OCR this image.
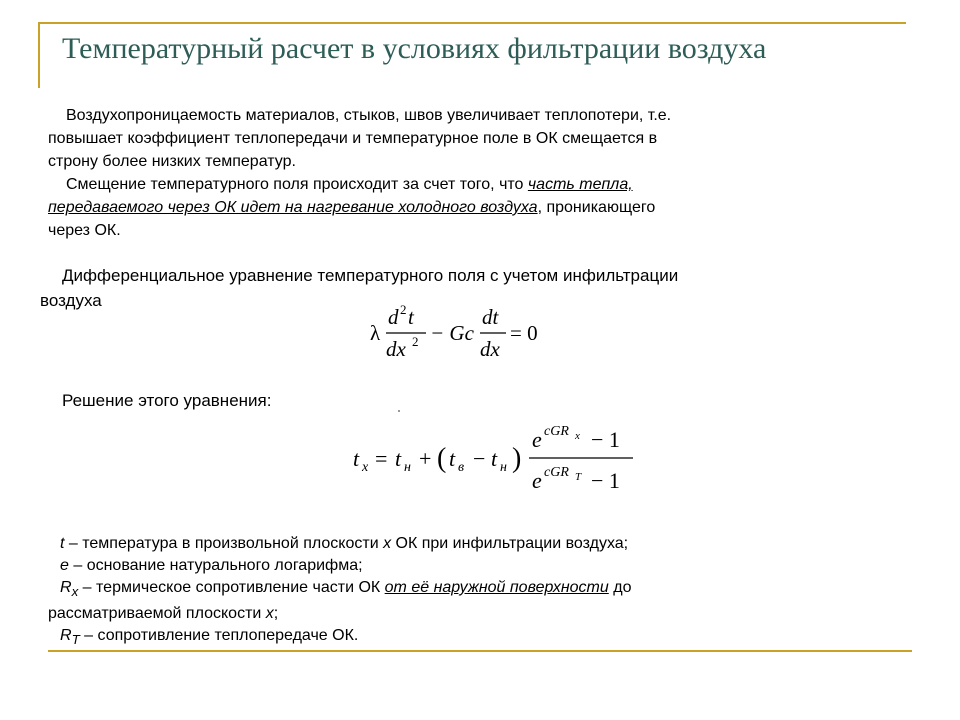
Температурный расчет в условиях фильтрации воздуха
Воздухопроницаемость материалов, стыков, швов увеличивает теплопотери, т.е.
повышает коэффициент теплопередачи и температурное поле в ОК смещается в
строну более низких температур.
Смещение температурного поля происходит за счет того, что часть тепла,
передаваемого через ОК идет на нагревание холодного воздуха, проникающего
через ОК.
Дифференциальное уравнение температурного поля с учетом инфильтрации
воздуха
λ
d 2 t
dx 2 − Gc
dt
dx
= 0
Решение этого уравнения:
t x = t н + ( t в − t н )
e cGR x − 1
e cGR T − 1

t – температура в произвольной плоскости х ОК при инфильтрации воздуха;

е – основание натурального логарифма;

$R_x$ – термическое сопротивление части ОК от её наружной поверхности до

рассматриваемой плоскости х;

$R_T$ – сопротивление теплопередаче ОК.
